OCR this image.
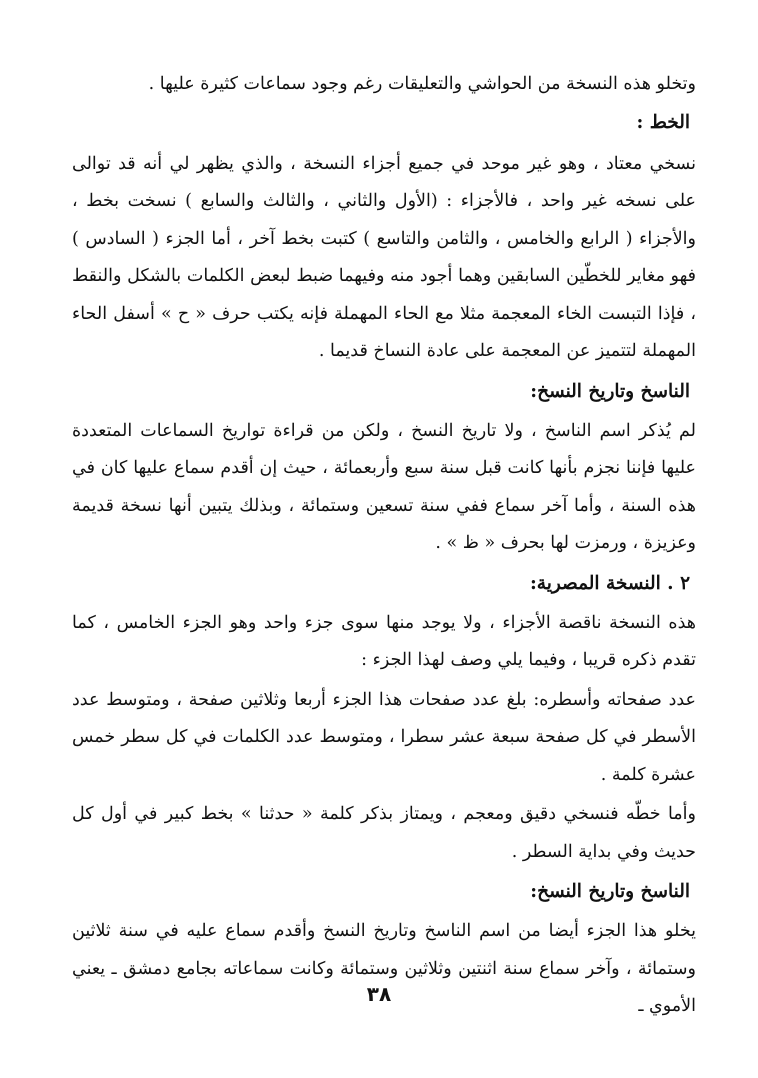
وتخلو هذه النسخة من الحواشي والتعليقات رغم وجود سماعات كثيرة عليها .

الخط :

نسخي معتاد ، وهو غير موحد في جميع أجزاء النسخة ، والذي يظهر لي أنه قد توالى على نسخه غير واحد ، فالأجزاء : (الأول والثاني ، والثالث والسابع ) نسخت بخط ، والأجزاء ( الرابع والخامس ، والثامن والتاسع ) كتبت بخط آخر ، أما الجزء ( السادس ) فهو مغاير للخطّين السابقين وهما أجود منه وفيهما ضبط لبعض الكلمات بالشكل والنقط ، فإذا التبست الخاء المعجمة مثلا مع الحاء المهملة فإنه يكتب حرف « ح » أسفل الحاء المهملة لتتميز عن المعجمة على عادة النساخ قديما .

الناسخ وتاريخ النسخ:

لم يُذكر اسم الناسخ ، ولا تاريخ النسخ ، ولكن من قراءة تواريخ السماعات المتعددة عليها فإننا نجزم بأنها كانت قبل سنة سبع وأربعمائة ، حيث إن أقدم سماع عليها كان في هذه السنة ، وأما آخر سماع ففي سنة تسعين وستمائة ، وبذلك يتبين أنها نسخة قديمة وعزيزة ، ورمزت لها بحرف « ظ » .

٢ . النسخة المصرية:

هذه النسخة ناقصة الأجزاء ، ولا يوجد منها سوى جزء واحد وهو الجزء الخامس ، كما تقدم ذكره قريبا ، وفيما يلي وصف لهذا الجزء :

عدد صفحاته وأسطره: بلغ عدد صفحات هذا الجزء أربعا وثلاثين صفحة ، ومتوسط عدد الأسطر في كل صفحة سبعة عشر سطرا ، ومتوسط عدد الكلمات في كل سطر خمس عشرة كلمة .

وأما خطّه فنسخي دقيق ومعجم ، ويمتاز بذكر كلمة « حدثنا » بخط كبير في أول كل حديث وفي بداية السطر .

الناسخ وتاريخ النسخ:

يخلو هذا الجزء أيضا من اسم الناسخ وتاريخ النسخ وأقدم سماع عليه في سنة ثلاثين وستمائة ، وآخر سماع سنة اثنتين وثلاثين وستمائة وكانت سماعاته بجامع دمشق ـ يعني الأموي ـ

٣٨
